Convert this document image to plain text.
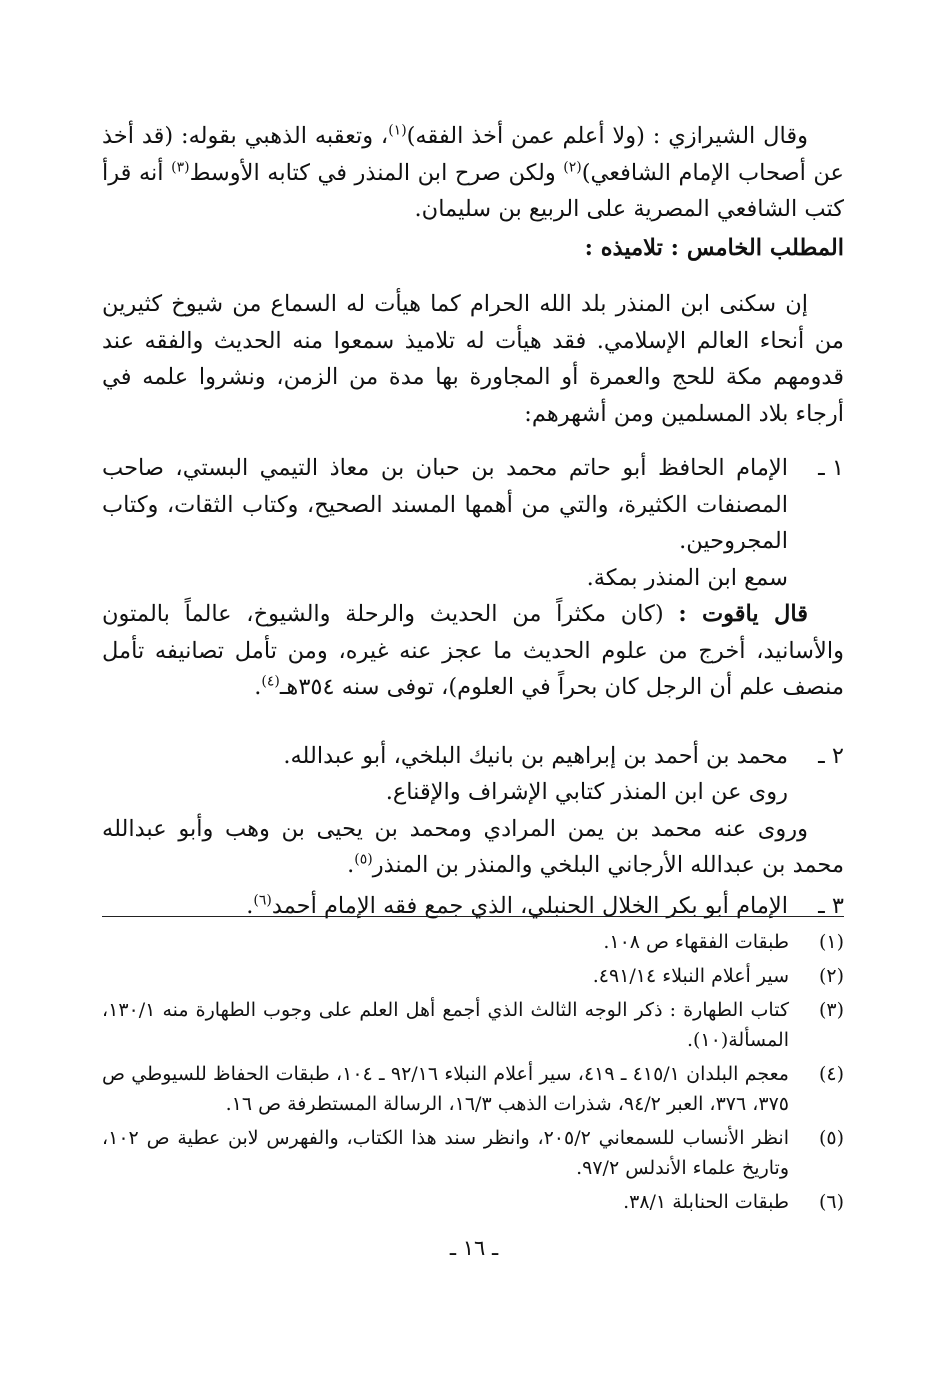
وقال الشيرازي : (ولا أعلم عمن أخذ الفقه)$^{(١)}$، وتعقبه الذهبي بقوله: (قد أخذ عن أصحاب الإمام الشافعي)$^{(٢)}$ ولكن صرح ابن المنذر في كتابه الأوسط$^{(٣)}$ أنه قرأ كتب الشافعي المصرية على الربيع بن سليمان.

المطلب الخامس : تلاميذه :

إن سكنى ابن المنذر بلد الله الحرام كما هيأت له السماع من شيوخ كثيرين من أنحاء العالم الإسلامي. فقد هيأت له تلاميذ سمعوا منه الحديث والفقه عند قدومهم مكة للحج والعمرة أو المجاورة بها مدة من الزمن، ونشروا علمه في أرجاء بلاد المسلمين ومن أشهرهم:

١ ـ

الإمام الحافظ أبو حاتم محمد بن حبان بن معاذ التيمي البستي، صاحب المصنفات الكثيرة، والتي من أهمها المسند الصحيح، وكتاب الثقات، وكتاب المجروحين.

سمع ابن المنذر بمكة.

قال ياقوت : (كان مكثراً من الحديث والرحلة والشيوخ، عالماً بالمتون والأسانيد، أخرج من علوم الحديث ما عجز عنه غيره، ومن تأمل تصانيفه تأمل منصف علم أن الرجل كان بحراً في العلوم)، توفى سنه ٣٥٤هـ$^{(٤)}$.

٢ ـ

محمد بن أحمد بن إبراهيم بن بانيك البلخي، أبو عبدالله.

روى عن ابن المنذر كتابي الإشراف والإقناع.

وروى عنه محمد بن يمن المرادي ومحمد بن يحيى بن وهب وأبو عبدالله محمد بن عبدالله الأرجاني البلخي والمنذر بن المنذر$^{(٥)}$.

٣ ـ

الإمام أبو بكر الخلال الحنبلي، الذي جمع فقه الإمام أحمد$^{(٦)}$.

(١)
طبقات الفقهاء ص ١٠٨.
(٢)
سير أعلام النبلاء ٤٩١/١٤.
(٣)
كتاب الطهارة : ذكر الوجه الثالث الذي أجمع أهل العلم على وجوب الطهارة منه ١٣٠/١، المسألة(١٠).
(٤)
معجم البلدان ٤١٥/١ ـ ٤١٩، سير أعلام النبلاء ٩٢/١٦ ـ ١٠٤، طبقات الحفاظ للسيوطي ص ٣٧٥، ٣٧٦، العبر ٩٤/٢، شذرات الذهب ١٦/٣، الرسالة المستطرفة ص ١٦.
(٥)
انظر الأنساب للسمعاني ٢٠٥/٢، وانظر سند هذا الكتاب، والفهرس لابن عطية ص ١٠٢، وتاريخ علماء الأندلس ٩٧/٢.
(٦)
طبقات الحنابلة ٣٨/١.
ـ ١٦ ـ
